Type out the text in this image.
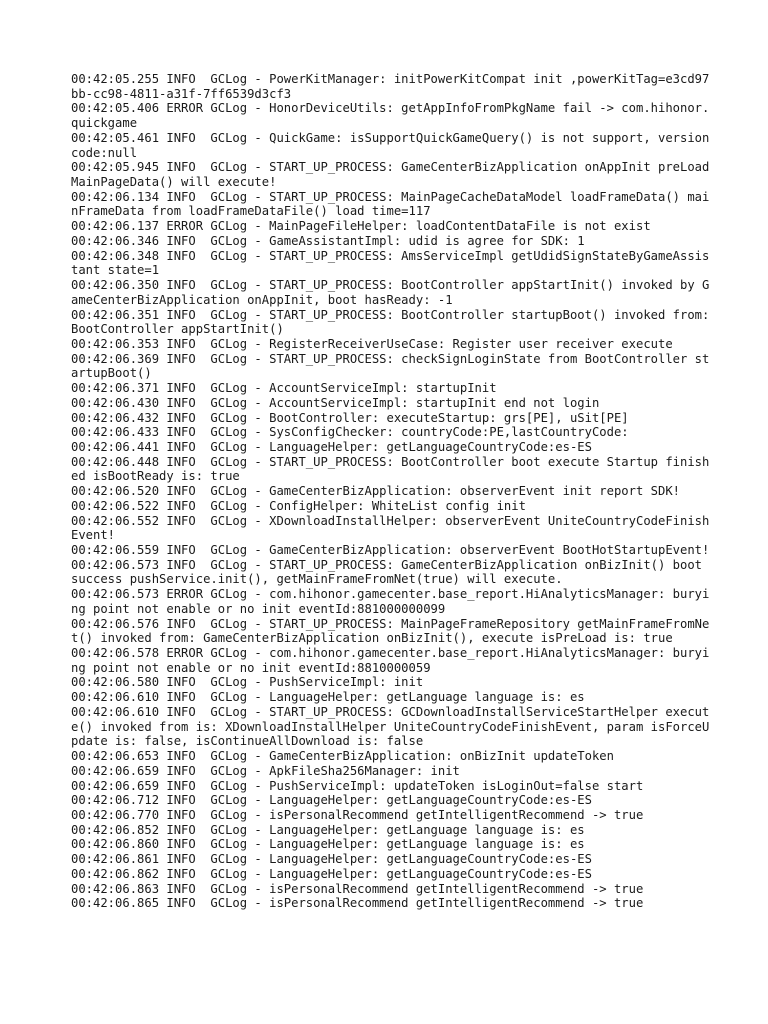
00:42:05.255 INFO  GCLog - PowerKitManager: initPowerKitCompat init ,powerKitTag=e3cd97bb-cc98-4811-a31f-7ff6539d3cf3
00:42:05.406 ERROR GCLog - HonorDeviceUtils: getAppInfoFromPkgName fail -> com.hihonor.quickgame
00:42:05.461 INFO  GCLog - QuickGame: isSupportQuickGameQuery() is not support, versioncode:null
00:42:05.945 INFO  GCLog - START_UP_PROCESS: GameCenterBizApplication onAppInit preLoadMainPageData() will execute!
00:42:06.134 INFO  GCLog - START_UP_PROCESS: MainPageCacheDataModel loadFrameData() mainFrameData from loadFrameDataFile() load time=117
00:42:06.137 ERROR GCLog - MainPageFileHelper: loadContentDataFile is not exist
00:42:06.346 INFO  GCLog - GameAssistantImpl: udid is agree for SDK: 1
00:42:06.348 INFO  GCLog - START_UP_PROCESS: AmsServiceImpl getUdidSignStateByGameAssistant state=1
00:42:06.350 INFO  GCLog - START_UP_PROCESS: BootController appStartInit() invoked by GameCenterBizApplication onAppInit, boot hasReady: -1
00:42:06.351 INFO  GCLog - START_UP_PROCESS: BootController startupBoot() invoked from: BootController appStartInit()
00:42:06.353 INFO  GCLog - RegisterReceiverUseCase: Register user receiver execute
00:42:06.369 INFO  GCLog - START_UP_PROCESS: checkSignLoginState from BootController startupBoot()
00:42:06.371 INFO  GCLog - AccountServiceImpl: startupInit
00:42:06.430 INFO  GCLog - AccountServiceImpl: startupInit end not login
00:42:06.432 INFO  GCLog - BootController: executeStartup: grs[PE], uSit[PE]
00:42:06.433 INFO  GCLog - SysConfigChecker: countryCode:PE,lastCountryCode:
00:42:06.441 INFO  GCLog - LanguageHelper: getLanguageCountryCode:es-ES
00:42:06.448 INFO  GCLog - START_UP_PROCESS: BootController boot execute Startup finished isBootReady is: true
00:42:06.520 INFO  GCLog - GameCenterBizApplication: observerEvent init report SDK!
00:42:06.522 INFO  GCLog - ConfigHelper: WhiteList config init
00:42:06.552 INFO  GCLog - XDownloadInstallHelper: observerEvent UniteCountryCodeFinishEvent!
00:42:06.559 INFO  GCLog - GameCenterBizApplication: observerEvent BootHotStartupEvent!
00:42:06.573 INFO  GCLog - START_UP_PROCESS: GameCenterBizApplication onBizInit() boot success pushService.init(), getMainFrameFromNet(true) will execute.
00:42:06.573 ERROR GCLog - com.hihonor.gamecenter.base_report.HiAnalyticsManager: burying point not enable or no init eventId:881000000099
00:42:06.576 INFO  GCLog - START_UP_PROCESS: MainPageFrameRepository getMainFrameFromNet() invoked from: GameCenterBizApplication onBizInit(), execute isPreLoad is: true
00:42:06.578 ERROR GCLog - com.hihonor.gamecenter.base_report.HiAnalyticsManager: burying point not enable or no init eventId:8810000059
00:42:06.580 INFO  GCLog - PushServiceImpl: init
00:42:06.610 INFO  GCLog - LanguageHelper: getLanguage language is: es
00:42:06.610 INFO  GCLog - START_UP_PROCESS: GCDownloadInstallServiceStartHelper execute() invoked from is: XDownloadInstallHelper UniteCountryCodeFinishEvent, param isForceUpdate is: false, isContinueAllDownload is: false
00:42:06.653 INFO  GCLog - GameCenterBizApplication: onBizInit updateToken
00:42:06.659 INFO  GCLog - ApkFileSha256Manager: init
00:42:06.659 INFO  GCLog - PushServiceImpl: updateToken isLoginOut=false start
00:42:06.712 INFO  GCLog - LanguageHelper: getLanguageCountryCode:es-ES
00:42:06.770 INFO  GCLog - isPersonalRecommend getIntelligentRecommend -> true
00:42:06.852 INFO  GCLog - LanguageHelper: getLanguage language is: es
00:42:06.860 INFO  GCLog - LanguageHelper: getLanguage language is: es
00:42:06.861 INFO  GCLog - LanguageHelper: getLanguageCountryCode:es-ES
00:42:06.862 INFO  GCLog - LanguageHelper: getLanguageCountryCode:es-ES
00:42:06.863 INFO  GCLog - isPersonalRecommend getIntelligentRecommend -> true
00:42:06.865 INFO  GCLog - isPersonalRecommend getIntelligentRecommend -> true
